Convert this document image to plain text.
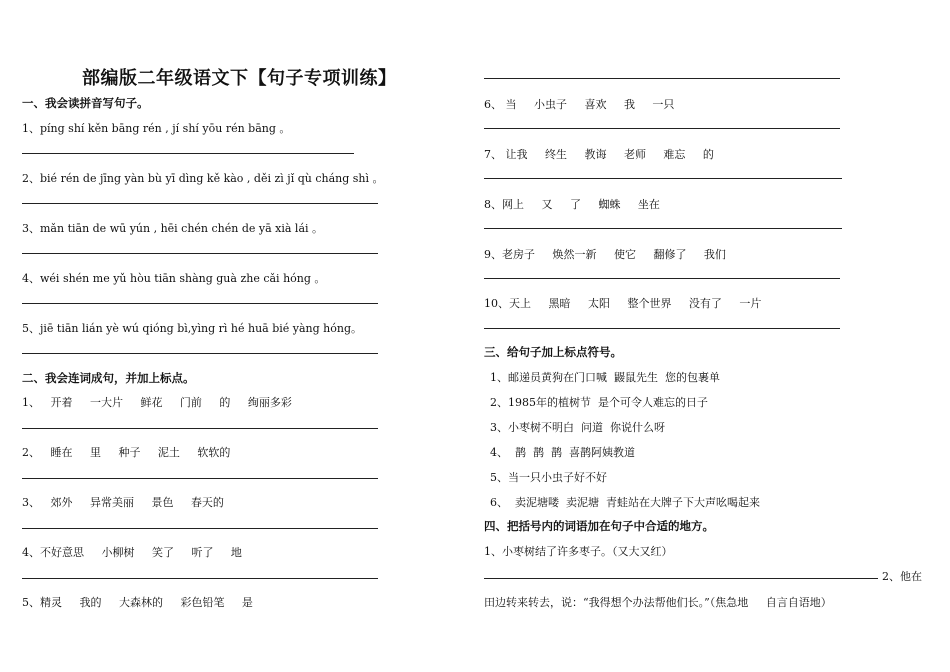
部编版二年级语文下【句子专项训练】
一、我会读拼音写句子。
1、píng shí kěn bāng rén , jí shí yōu rén bāng 。
2、bié rén de jīng yàn bù yī dìng kě kào , děi zì jǐ qù cháng shì 。
3、mǎn tiān de wū yún , hēi chén chén de yā xià lái 。
4、wéi shén me yǔ hòu tiān shàng guà zhe cǎi hóng 。
5、jiē tiān lián yè wú qióng bì,yìng rì hé huā bié yàng hóng。
二、我会连词成句，并加上标点。
1、   开着     一大片     鲜花     门前     的     绚丽多彩
2、   睡在     里     种子     泥土     软软的
3、   郊外     异常美丽     景色     春天的
4、不好意思     小柳树     笑了     听了     地
5、精灵     我的     大森林的     彩色铅笔     是
6、 当     小虫子     喜欢     我     一只
7、 让我     终生     教诲     老师     难忘     的
8、网上     又     了     蜘蛛     坐在
9、老房子     焕然一新     使它     翻修了     我们
10、天上     黑暗     太阳     整个世界     没有了     一片
三、给句子加上标点符号。
1、邮递员黄狗在门口喊  鼹鼠先生  您的包裹单
2、1985年的植树节  是个可令人难忘的日子
3、小枣树不明白  问道  你说什么呀
4、  鹊  鹊  鹊  喜鹊阿姨教道
5、当一只小虫子好不好
6、  卖泥塘喽  卖泥塘  青蛙站在大牌子下大声吆喝起来
四、把括号内的词语加在句子中合适的地方。
1、小枣树结了许多枣子。（又大又红）
2、他在
田边转来转去，说：“我得想个办法帮他们长。”（焦急地     自言自语地）
